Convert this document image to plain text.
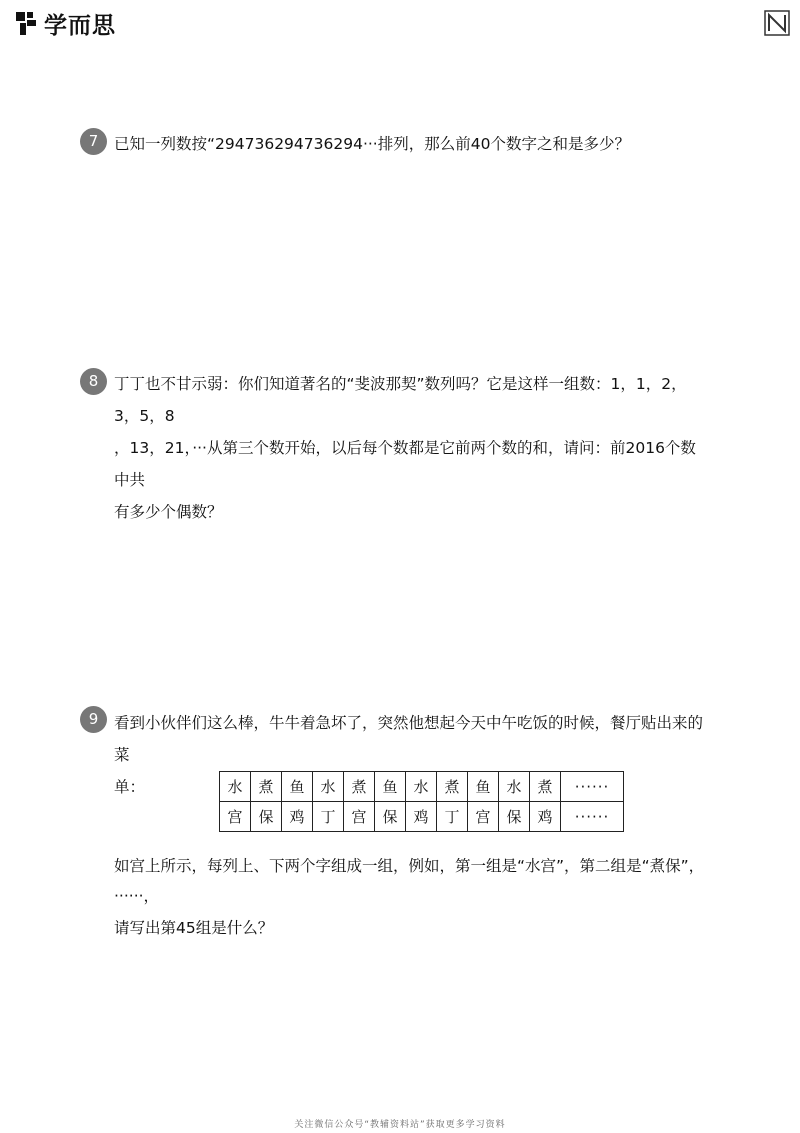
学而思
7	已知一列数按“294736294736294···排列，那么前40个数字之和是多少？
8	丁丁也不甘示弱：你们知道著名的“斐波那契”数列吗？它是这样一组数：1，1，2，3，5，8
，13，21，···从第三个数开始，以后每个数都是它前两个数的和，请问：前2016个数中共
有多少个偶数？
9	看到小伙伴们这么棒，牛牛着急坏了，突然他想起今天中午吃饭的时候，餐厅贴出来的菜
单：	水	煮	鱼	水	煮	鱼	水	煮	鱼	水	煮	······
宫	保	鸡	丁	宫	保	鸡	丁	宫	保	鸡	······
如宫上所示，每列上、下两个字组成一组，例如，第一组是“水宫”，第二组是“煮保”，
······，
请写出第45组是什么？
关注微信公众号“教辅资料站”获取更多学习资料
